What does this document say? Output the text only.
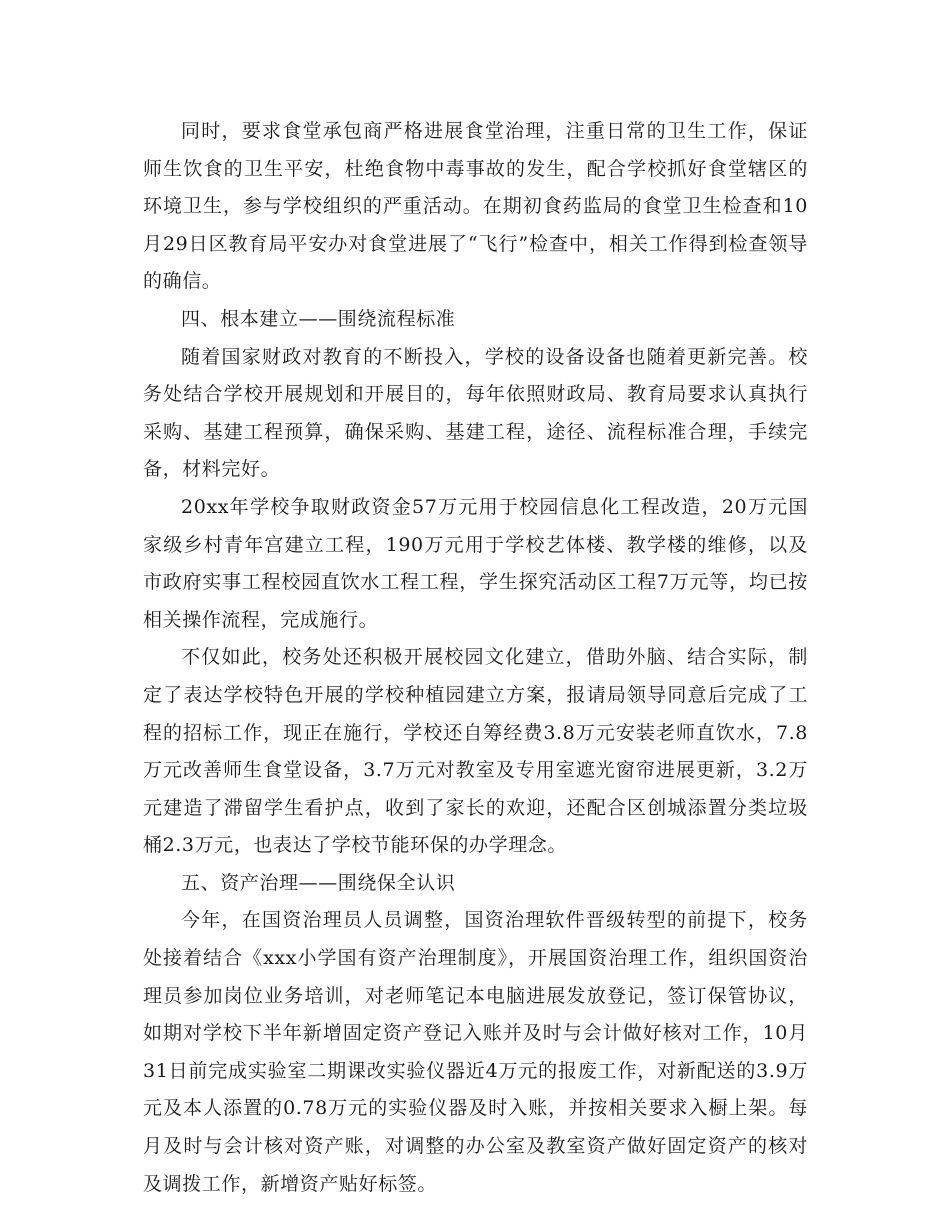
同时，要求食堂承包商严格进展食堂治理，注重日常的卫生工作，保证师生饮食的卫生平安，杜绝食物中毒事故的发生，配合学校抓好食堂辖区的环境卫生，参与学校组织的严重活动。在期初食药监局的食堂卫生检查和10月29日区教育局平安办对食堂进展了“飞行”检查中，相关工作得到检查领导的确信。

四、根本建立——围绕流程标准

随着国家财政对教育的不断投入，学校的设备设备也随着更新完善。校务处结合学校开展规划和开展目的，每年依照财政局、教育局要求认真执行采购、基建工程预算，确保采购、基建工程，途径、流程标准合理，手续完备，材料完好。

20xx年学校争取财政资金57万元用于校园信息化工程改造，20万元国家级乡村青年宫建立工程，190万元用于学校艺体楼、教学楼的维修，以及市政府实事工程校园直饮水工程工程，学生探究活动区工程7万元等，均已按相关操作流程，完成施行。

不仅如此，校务处还积极开展校园文化建立，借助外脑、结合实际，制定了表达学校特色开展的学校种植园建立方案，报请局领导同意后完成了工程的招标工作，现正在施行，学校还自筹经费3.8万元安装老师直饮水，7.8万元改善师生食堂设备，3.7万元对教室及专用室遮光窗帘进展更新，3.2万元建造了滞留学生看护点，收到了家长的欢迎，还配合区创城添置分类垃圾桶2.3万元，也表达了学校节能环保的办学理念。

五、资产治理——围绕保全认识

今年，在国资治理员人员调整，国资治理软件晋级转型的前提下，校务处接着结合《xxx小学国有资产治理制度》，开展国资治理工作，组织国资治理员参加岗位业务培训，对老师笔记本电脑进展发放登记，签订保管协议，如期对学校下半年新增固定资产登记入账并及时与会计做好核对工作，10月31日前完成实验室二期课改实验仪器近4万元的报废工作，对新配送的3.9万元及本人添置的0.78万元的实验仪器及时入账，并按相关要求入橱上架。每月及时与会计核对资产账，对调整的办公室及教室资产做好固定资产的核对及调拨工作，新增资产贴好标签。
